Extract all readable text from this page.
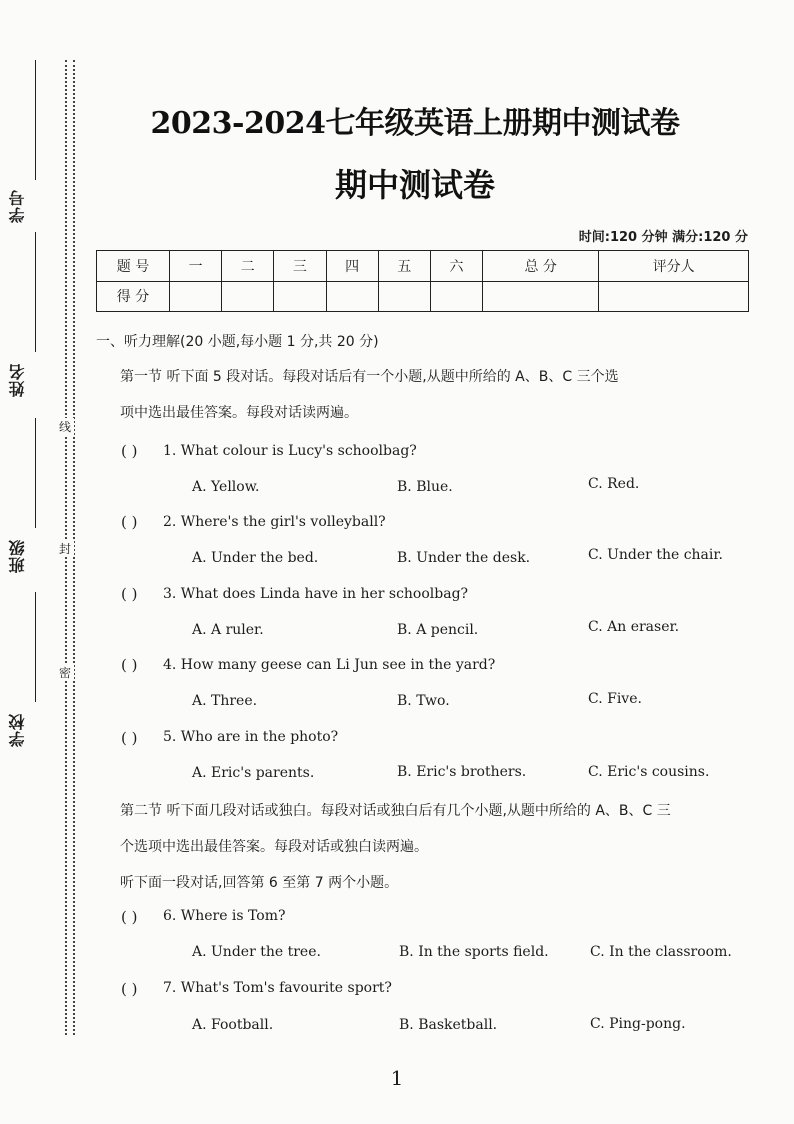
学号
姓名
班级
学校
线
封
密
2023-2024七年级英语上册期中测试卷
期中测试卷
时间:120 分钟 满分:120 分
题 号	一	二	三	四	五	六	总 分	评分人
得 分								
一、听力理解(20 小题,每小题 1 分,共 20 分)
第一节 听下面 5 段对话。每段对话后有一个小题,从题中所给的 A、B、C 三个选
项中选出最佳答案。每段对话读两遍。
( ) 1. What colour is Lucy's schoolbag?
A. Yellow.	B. Blue.	C. Red.
( ) 2. Where's the girl's volleyball?
A. Under the bed.	B. Under the desk.	C. Under the chair.
( ) 3. What does Linda have in her schoolbag?
A. A ruler.	B. A pencil.	C. An eraser.
( ) 4. How many geese can Li Jun see in the yard?
A. Three.	B. Two.	C. Five.
( ) 5. Who are in the photo?
A. Eric's parents.	B. Eric's brothers.	C. Eric's cousins.
第二节 听下面几段对话或独白。每段对话或独白后有几个小题,从题中所给的 A、B、C 三
个选项中选出最佳答案。每段对话或独白读两遍。
听下面一段对话,回答第 6 至第 7 两个小题。
( ) 6. Where is Tom?
A. Under the tree.	B. In the sports field.	C. In the classroom.
( ) 7. What's Tom's favourite sport?
A. Football.	B. Basketball.	C. Ping-pong.
1
